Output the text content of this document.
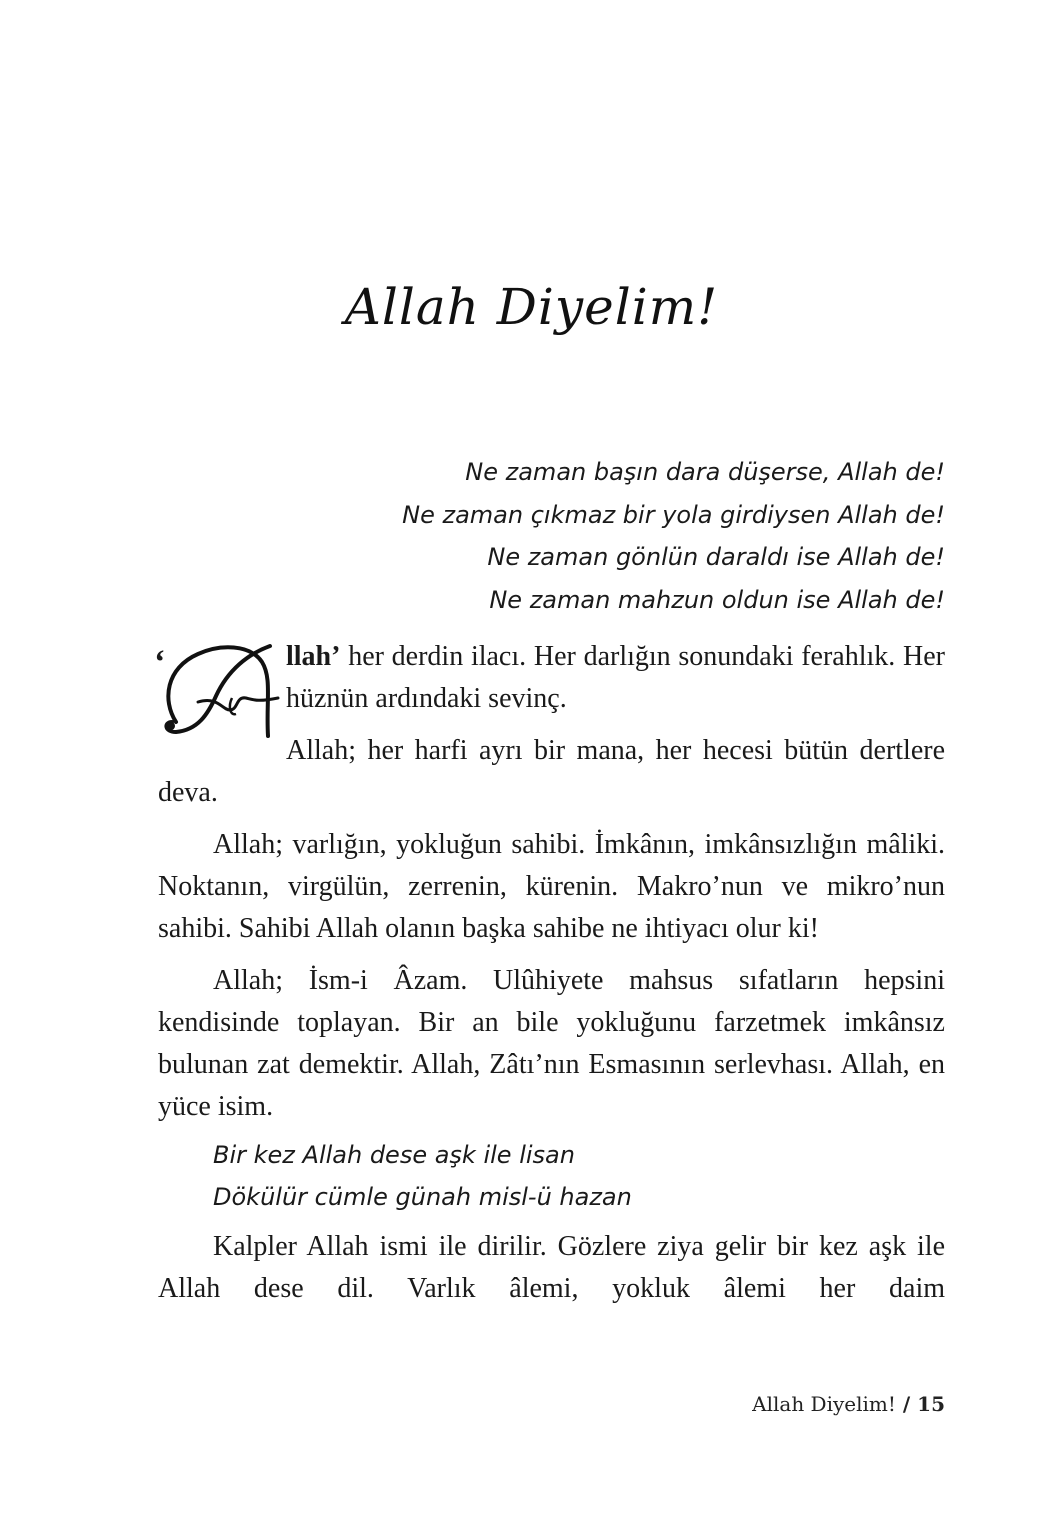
Allah Diyelim!
Ne zaman başın dara düşerse, Allah de!
Ne zaman çıkmaz bir yola girdiysen Allah de!
Ne zaman gönlün daraldı ise Allah de!
Ne zaman mahzun oldun ise Allah de!
‘	llah’ her derdin ilacı. Her darlığın sonundaki ferahlık. Her hüznün ardındaki sevinç.

Allah; her harfi ayrı bir mana, her hecesi bütün dertlere deva.

Allah; varlığın, yokluğun sahibi. İmkânın, imkânsızlığın mâliki. Noktanın, virgülün, zerrenin, kürenin. Makro’nun ve mikro’nun sahibi. Sahibi Allah olanın başka sahibe ne ihtiyacı olur ki!

Allah; İsm-i Âzam. Ulûhiyete mahsus sıfatların hepsini kendisinde toplayan. Bir an bile yokluğunu farzetmek imkânsız bulunan zat demektir. Allah, Zâtı’nın Esmasının serlevhası. Allah, en yüce isim.

Bir kez Allah dese aşk ile lisan
Dökülür cümle günah misl-ü hazan

Kalpler Allah ismi ile dirilir. Gözlere ziya gelir bir kez aşk ile Allah dese dil. Varlık âlemi, yokluk âlemi her daim

Allah Diyelim! / 15
